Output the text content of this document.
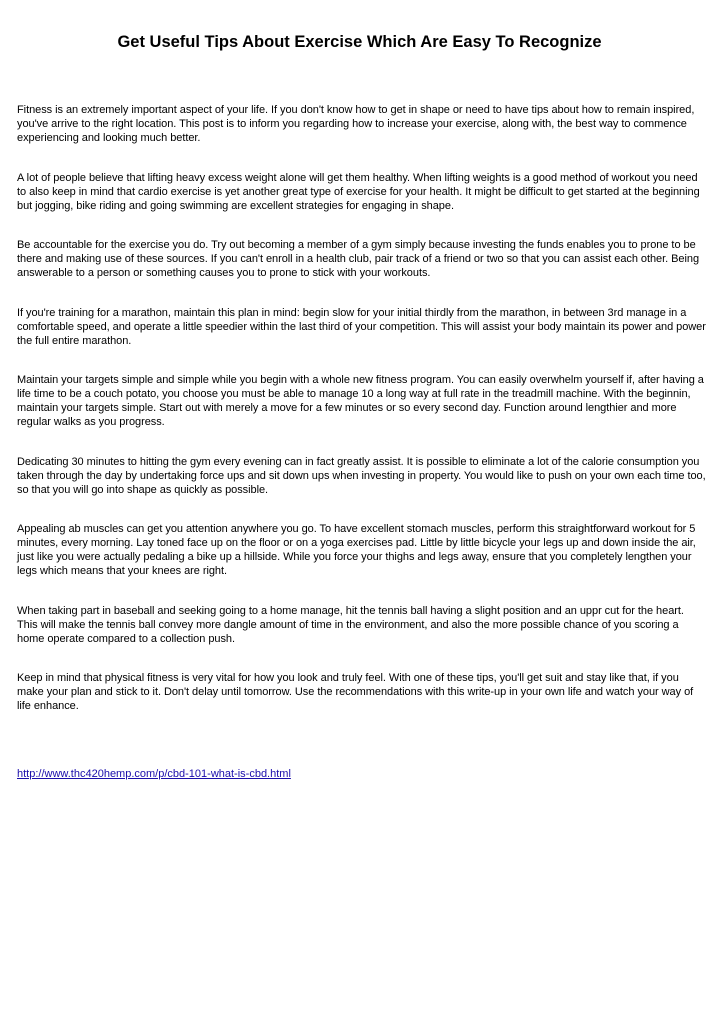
Get Useful Tips About Exercise Which Are Easy To Recognize

Fitness is an extremely important aspect of your life. If you don't know how to get in shape or need to have tips about how to remain inspired, you've arrive to the right location. This post is to inform you regarding how to increase your exercise, along with, the best way to commence experiencing and looking much better.

A lot of people believe that lifting heavy excess weight alone will get them healthy. When lifting weights is a good method of workout you need to also keep in mind that cardio exercise is yet another great type of exercise for your health. It might be difficult to get started at the beginning but jogging, bike riding and going swimming are excellent strategies for engaging in shape.

Be accountable for the exercise you do. Try out becoming a member of a gym simply because investing the funds enables you to prone to be there and making use of these sources. If you can't enroll in a health club, pair track of a friend or two so that you can assist each other. Being answerable to a person or something causes you to prone to stick with your workouts.

If you're training for a marathon, maintain this plan in mind: begin slow for your initial thirdly from the marathon, in between 3rd manage in a comfortable speed, and operate a little speedier within the last third of your competition. This will assist your body maintain its power and power the full entire marathon.

Maintain your targets simple and simple while you begin with a whole new fitness program. You can easily overwhelm yourself if, after having a life time to be a couch potato, you choose you must be able to manage 10 a long way at full rate in the treadmill machine. With the beginnin, maintain your targets simple. Start out with merely a move for a few minutes or so every second day. Function around lengthier and more regular walks as you progress.

Dedicating 30 minutes to hitting the gym every evening can in fact greatly assist. It is possible to eliminate a lot of the calorie consumption you taken through the day by undertaking force ups and sit down ups when investing in property. You would like to push on your own each time too, so that you will go into shape as quickly as possible.

Appealing ab muscles can get you attention anywhere you go. To have excellent stomach muscles, perform this straightforward workout for 5 minutes, every morning. Lay toned face up on the floor or on a yoga exercises pad. Little by little bicycle your legs up and down inside the air, just like you were actually pedaling a bike up a hillside. While you force your thighs and legs away, ensure that you completely lengthen your legs which means that your knees are right.

When taking part in baseball and seeking going to a home manage, hit the tennis ball having a slight position and an uppr cut for the heart. This will make the tennis ball convey more dangle amount of time in the environment, and also the more possible chance of you scoring a home operate compared to a collection push.

Keep in mind that physical fitness is very vital for how you look and truly feel. With one of these tips, you'll get suit and stay like that, if you make your plan and stick to it. Don't delay until tomorrow. Use the recommendations with this write-up in your own life and watch your way of life enhance.

http://www.thc420hemp.com/p/cbd-101-what-is-cbd.html
